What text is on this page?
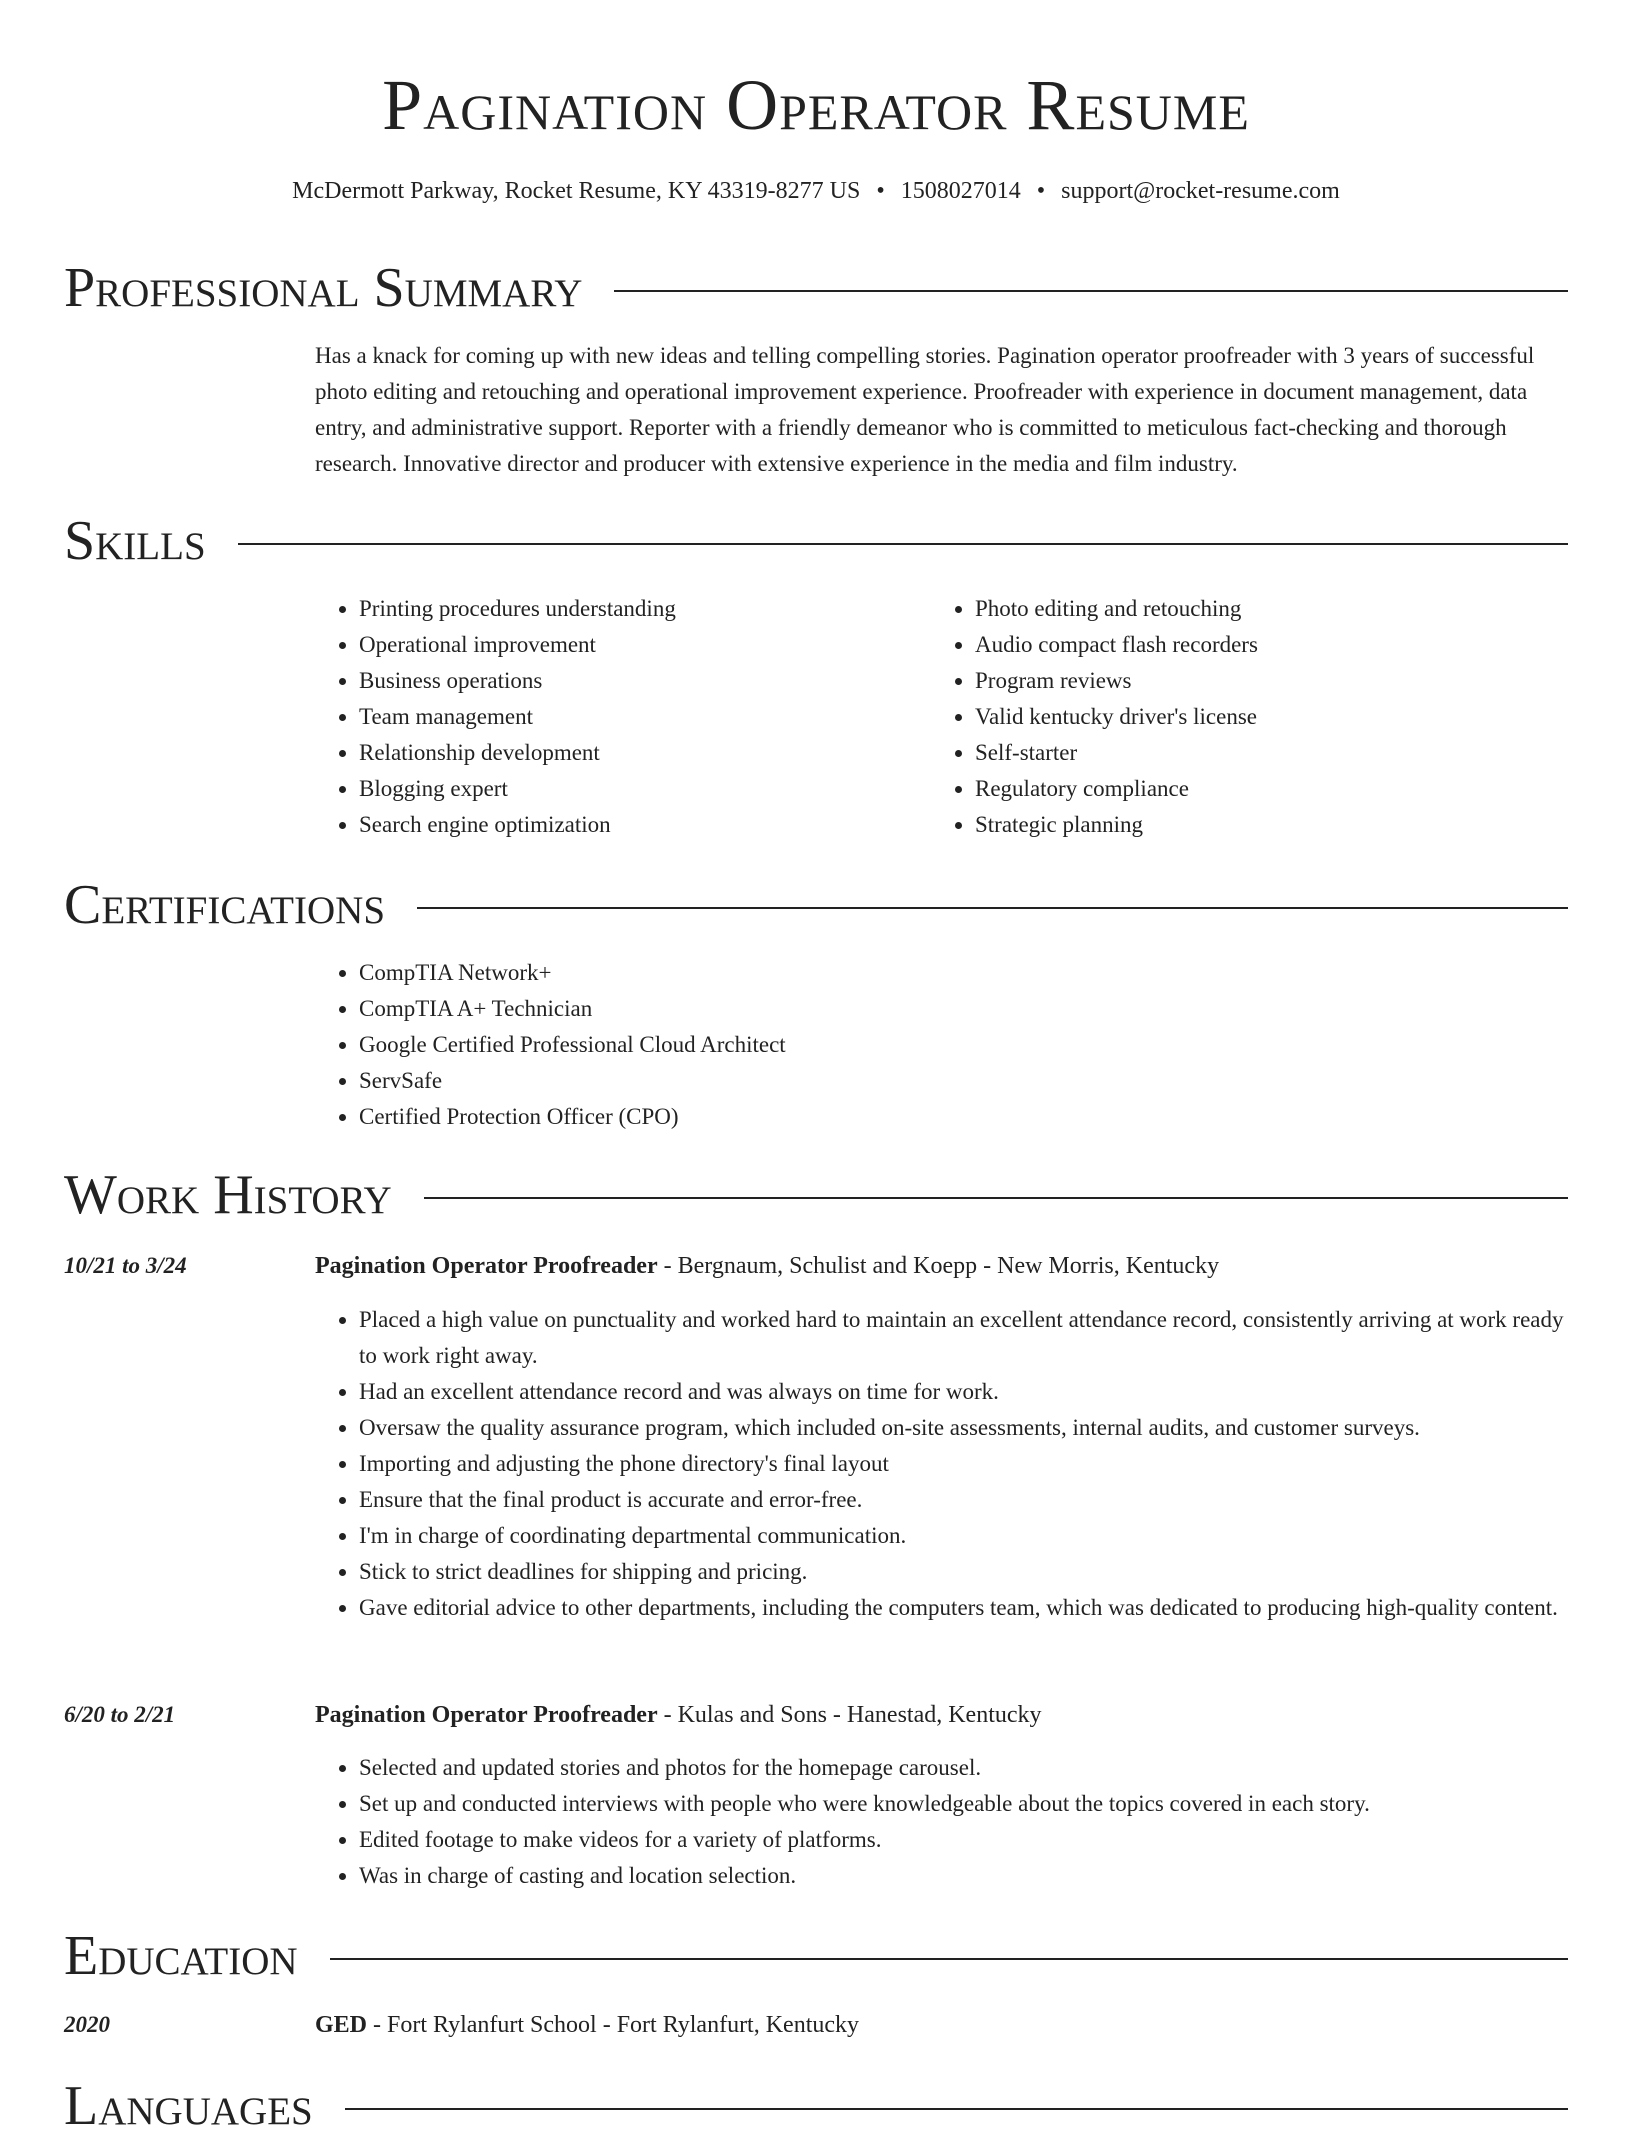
Pagination Operator Resume
McDermott Parkway, Rocket Resume, KY 43319-8277 US • 1508027014 • support@rocket-resume.com
Professional Summary

Has a knack for coming up with new ideas and telling compelling stories. Pagination operator proofreader with 3 years of successful photo editing and retouching and operational improvement experience. Proofreader with experience in document management, data entry, and administrative support. Reporter with a friendly demeanor who is committed to meticulous fact-checking and thorough research. Innovative director and producer with extensive experience in the media and film industry.

Skills
• Printing procedures understanding
• Operational improvement
• Business operations
• Team management
• Relationship development
• Blogging expert
• Search engine optimization
• Photo editing and retouching
• Audio compact flash recorders
• Program reviews
• Valid kentucky driver's license
• Self-starter
• Regulatory compliance
• Strategic planning
Certifications
• CompTIA Network+
• CompTIA A+ Technician
• Google Certified Professional Cloud Architect
• ServSafe
• Certified Protection Officer (CPO)
Work History
10/21 to 3/24	Pagination Operator Proofreader - Bergnaum, Schulist and Koepp - New Morris, Kentucky
• Placed a high value on punctuality and worked hard to maintain an excellent attendance record, consistently arriving at work ready to work right away.
• Had an excellent attendance record and was always on time for work.
• Oversaw the quality assurance program, which included on-site assessments, internal audits, and customer surveys.
• Importing and adjusting the phone directory's final layout
• Ensure that the final product is accurate and error-free.
• I'm in charge of coordinating departmental communication.
• Stick to strict deadlines for shipping and pricing.
• Gave editorial advice to other departments, including the computers team, which was dedicated to producing high-quality content.
6/20 to 2/21	Pagination Operator Proofreader - Kulas and Sons - Hanestad, Kentucky
• Selected and updated stories and photos for the homepage carousel.
• Set up and conducted interviews with people who were knowledgeable about the topics covered in each story.
• Edited footage to make videos for a variety of platforms.
• Was in charge of casting and location selection.
Education
2020	GED - Fort Rylanfurt School - Fort Rylanfurt, Kentucky
Languages
